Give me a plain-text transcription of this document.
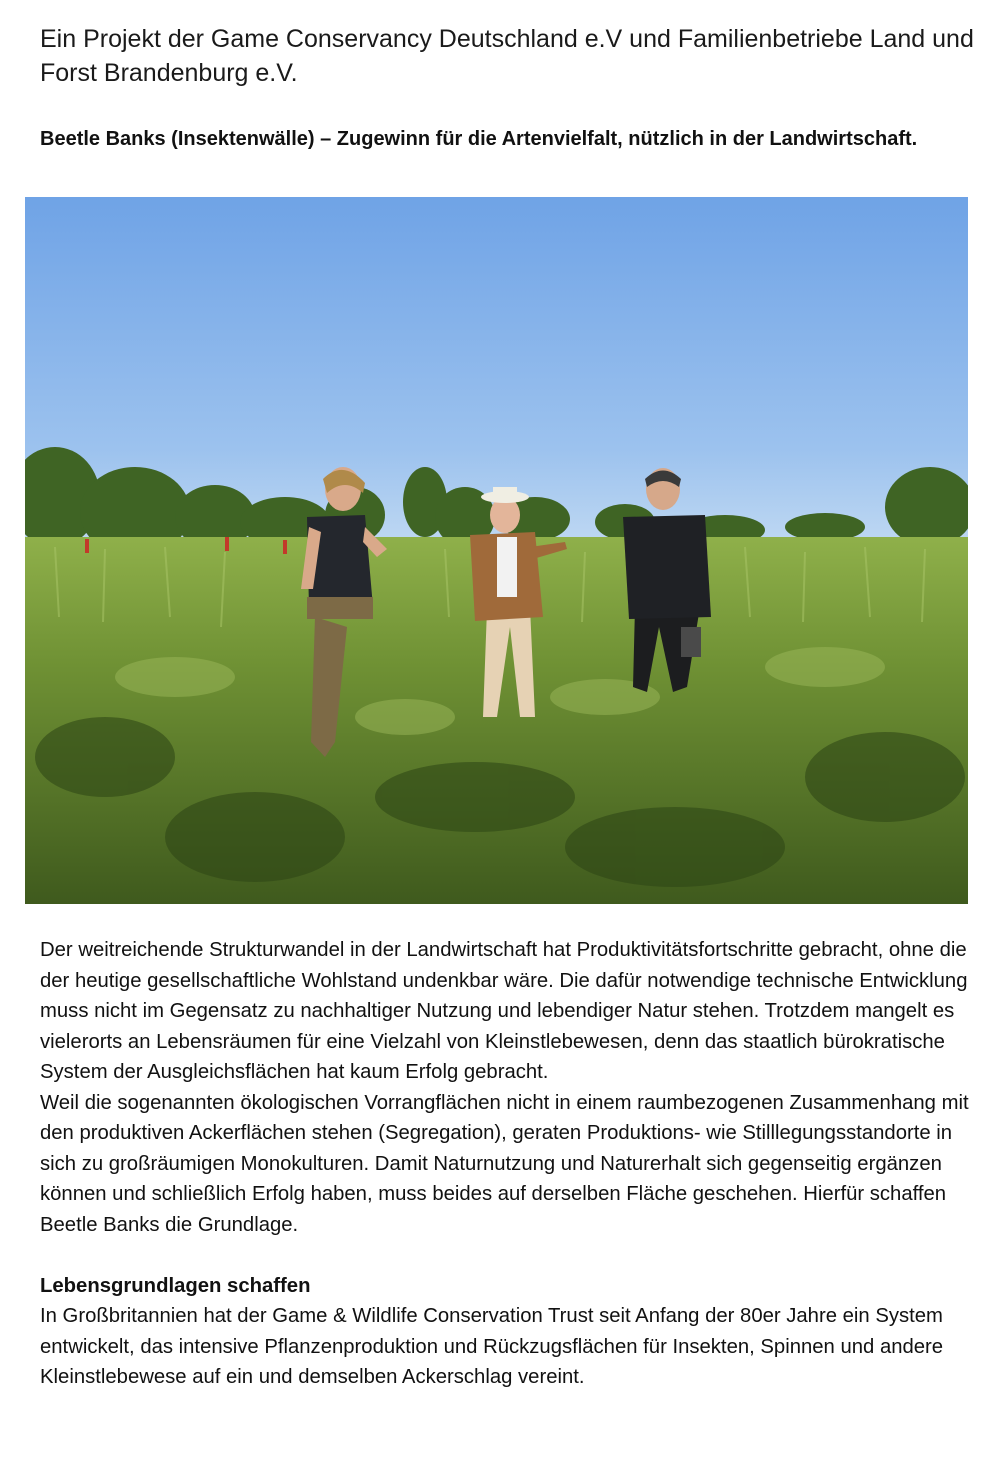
Ein Projekt der Game Conservancy Deutschland e.V und Familienbetriebe Land und Forst Brandenburg e.V.
Beetle Banks (Insektenwälle) – Zugewinn für die Artenvielfalt, nützlich in der Landwirtschaft.

Der weitreichende Strukturwandel in der Landwirtschaft hat Produktivitätsfortschritte gebracht, ohne die der heutige gesellschaftliche Wohlstand undenkbar wäre. Die dafür notwendige technische Entwicklung muss nicht im Gegensatz zu nachhaltiger Nutzung und lebendiger Natur stehen. Trotzdem mangelt es vielerorts an Lebensräumen für eine Vielzahl von Kleinstlebewesen, denn das staatlich bürokratische System der Ausgleichsflächen hat kaum Erfolg gebracht.

Weil die sogenannten ökologischen Vorrangflächen nicht in einem raumbezogenen Zusammenhang mit den produktiven Ackerflächen stehen (Segregation), geraten Produktions- wie Stilllegungsstandorte in sich zu großräumigen Monokulturen. Damit Naturnutzung und Naturerhalt sich gegenseitig ergänzen können und schließlich Erfolg haben, muss beides auf derselben Fläche geschehen. Hierfür schaffen Beetle Banks die Grundlage.

Lebensgrundlagen schaffen

In Großbritannien hat der Game & Wildlife Conservation Trust seit Anfang der 80er Jahre ein System entwickelt, das intensive Pflanzenproduktion und Rückzugsflächen für Insekten, Spinnen und andere Kleinstlebewese auf ein und demselben Ackerschlag vereint.
